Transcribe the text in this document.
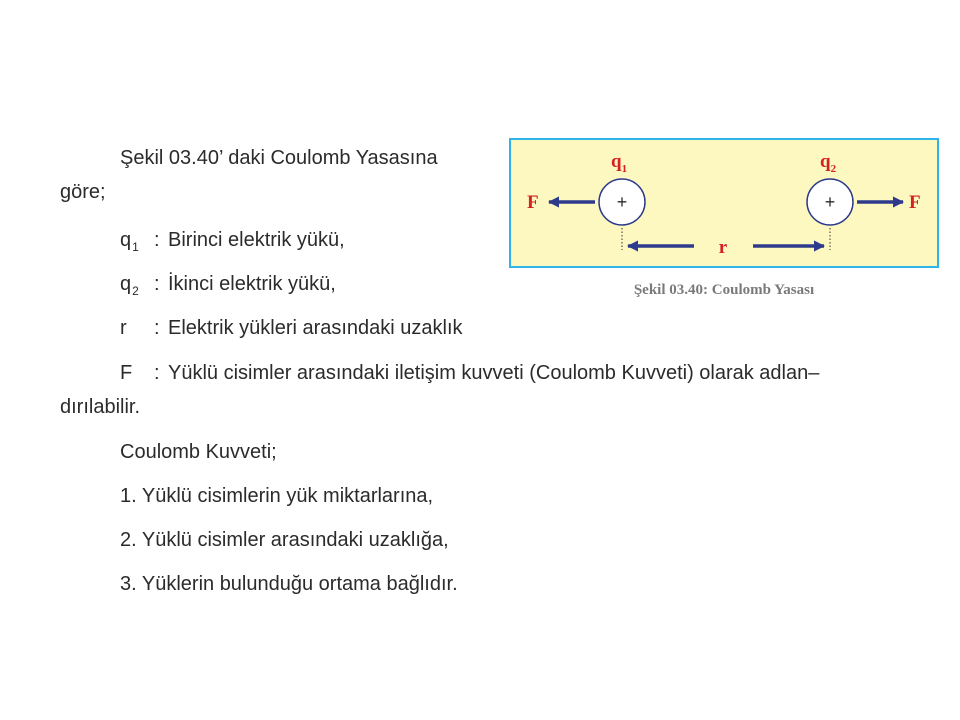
Şekil 03.40’ daki Coulomb Yasasına
göre;
$q_1$ : Birinci elektrik yükü,
$q_2$ : İkinci elektrik yükü,
r : Elektrik yükleri arasındaki uzaklık
F : Yüklü cisimler arasındaki iletişim kuvveti (Coulomb Kuvveti) olarak adlan–
dırılabilir.
Coulomb Kuvveti;
1. Yüklü cisimlerin yük miktarlarına,
2. Yüklü cisimler arasındaki uzaklığa,
3. Yüklerin bulunduğu ortama bağlıdır.
$q_1$	$q_2$
+	+
F	F
r
Şekil 03.40: Coulomb Yasası
